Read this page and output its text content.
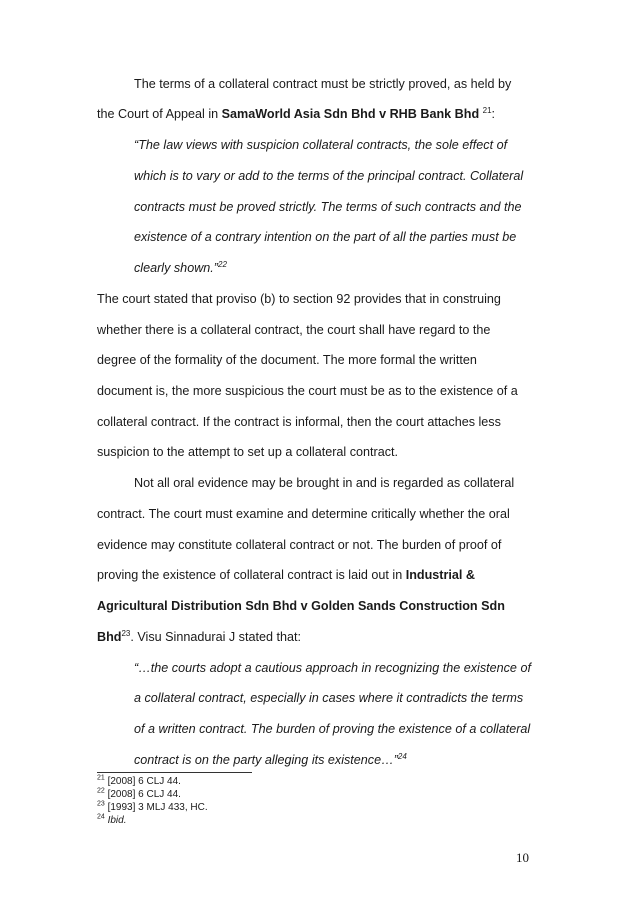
The terms of a collateral contract must be strictly proved, as held by
the Court of Appeal in SamaWorld Asia Sdn Bhd v RHB Bank Bhd $^{21}$:
“The law views with suspicion collateral contracts, the sole effect of
which is to vary or add to the terms of the principal contract. Collateral
contracts must be proved strictly. The terms of such contracts and the
existence of a contrary intention on the part of all the parties must be
clearly shown.”$^{22}$
The court stated that proviso (b) to section 92 provides that in construing
whether there is a collateral contract, the court shall have regard to the
degree of the formality of the document. The more formal the written
document is, the more suspicious the court must be as to the existence of a
collateral contract. If the contract is informal, then the court attaches less
suspicion to the attempt to set up a collateral contract.
Not all oral evidence may be brought in and is regarded as collateral
contract. The court must examine and determine critically whether the oral
evidence may constitute collateral contract or not. The burden of proof of
proving the existence of collateral contract is laid out in Industrial &
Agricultural Distribution Sdn Bhd v Golden Sands Construction Sdn
Bhd$^{23}$. Visu Sinnadurai J stated that:
“…the courts adopt a cautious approach in recognizing the existence of
a collateral contract, especially in cases where it contradicts the terms
of a written contract. The burden of proving the existence of a collateral
contract is on the party alleging its existence…”$^{24}$
$^{21}$ [2008] 6 CLJ 44.
$^{22}$ [2008] 6 CLJ 44.
$^{23}$ [1993] 3 MLJ 433, HC.
$^{24}$ Ibid.
10
